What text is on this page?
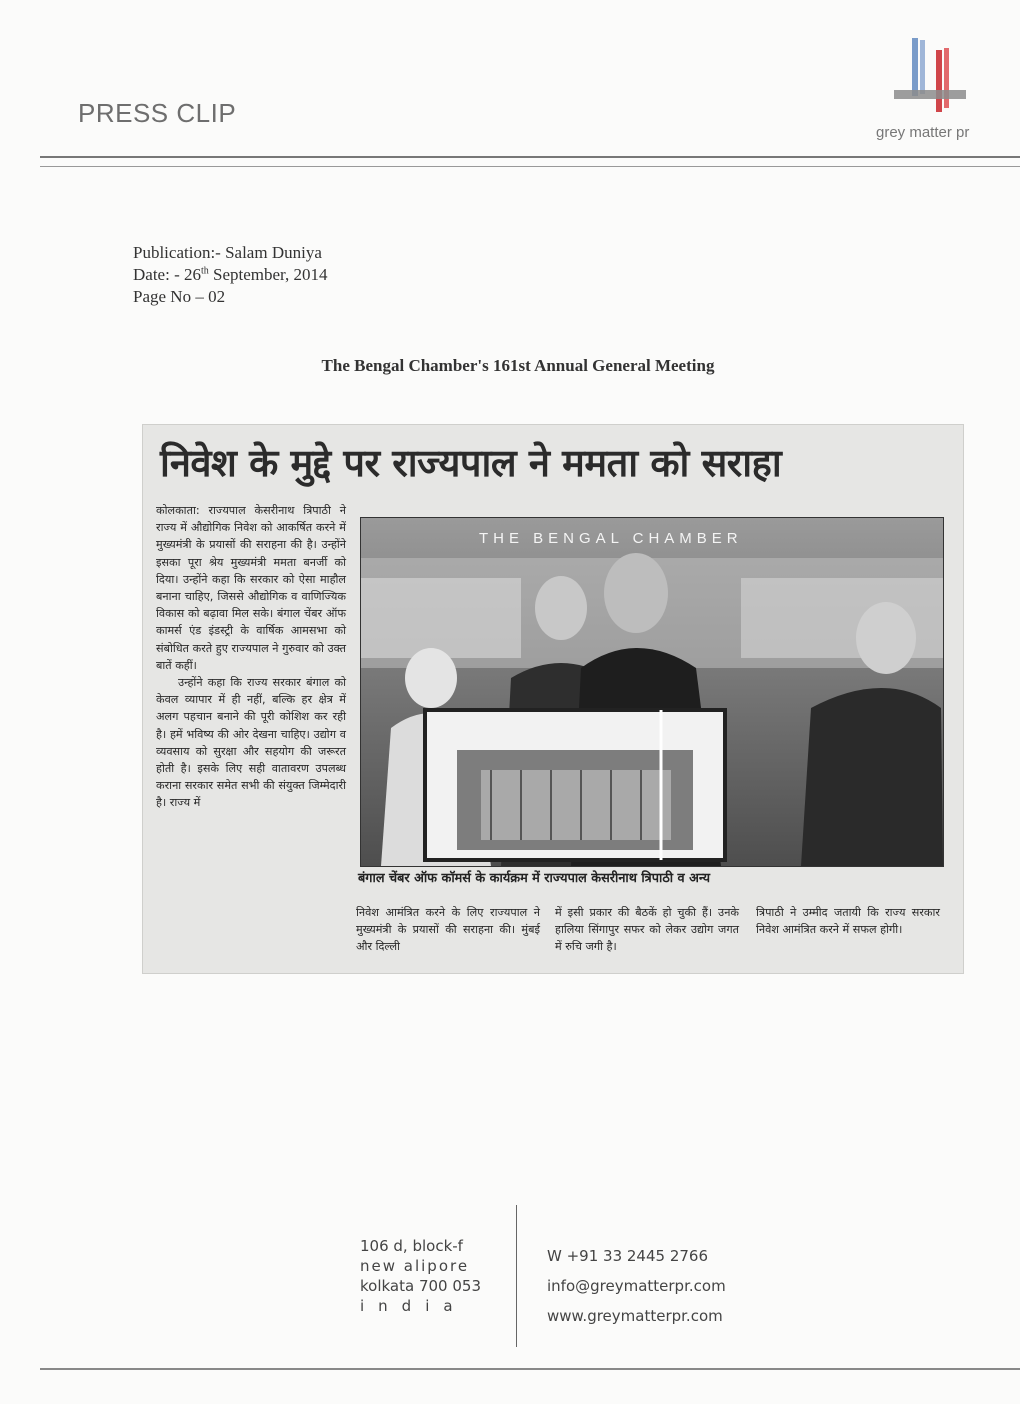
PRESS CLIP
grey matter pr
Publication:- Salam Duniya
Date: - 26th September, 2014
Page No – 02
The Bengal Chamber's 161st Annual General Meeting
निवेश के मुद्दे पर राज्यपाल ने ममता को सराहा

कोलकाता: राज्यपाल केसरीनाथ त्रिपाठी ने राज्य में औद्योगिक निवेश को आकर्षित करने में मुख्यमंत्री के प्रयासों की सराहना की है। उन्होंने इसका पूरा श्रेय मुख्यमंत्री ममता बनर्जी को दिया। उन्होंने कहा कि सरकार को ऐसा माहौल बनाना चाहिए, जिससे औद्योगिक व वाणिज्यिक विकास को बढ़ावा मिल सके। बंगाल चेंबर ऑफ कामर्स एंड इंडस्ट्री के वार्षिक आमसभा को संबोधित करते हुए राज्यपाल ने गुरुवार को उक्त बातें कहीं।

उन्होंने कहा कि राज्य सरकार बंगाल को केवल व्यापार में ही नहीं, बल्कि हर क्षेत्र में अलग पहचान बनाने की पूरी कोशिश कर रही है। हमें भविष्य की ओर देखना चाहिए। उद्योग व व्यवसाय को सुरक्षा और सहयोग की जरूरत होती है। इसके लिए सही वातावरण उपलब्ध कराना सरकार समेत सभी की संयुक्त जिम्मेदारी है। राज्य में

THE BENGAL CHAMBER
बंगाल चेंबर ऑफ कॉमर्स के कार्यक्रम में राज्यपाल केसरीनाथ त्रिपाठी व अन्य
निवेश आमंत्रित करने के लिए राज्यपाल ने मुख्यमंत्री के प्रयासों की सराहना की। मुंबई और दिल्ली
में इसी प्रकार की बैठकें हो चुकी हैं। उनके हालिया सिंगापुर सफर को लेकर उद्योग जगत में रुचि जगी है।
त्रिपाठी ने उम्मीद जतायी कि राज्य सरकार निवेश आमंत्रित करने में सफल होगी।
106 d, block-f
new alipore
kolkata 700 053
india
W +91 33 2445 2766
info@greymatterpr.com
www.greymatterpr.com
